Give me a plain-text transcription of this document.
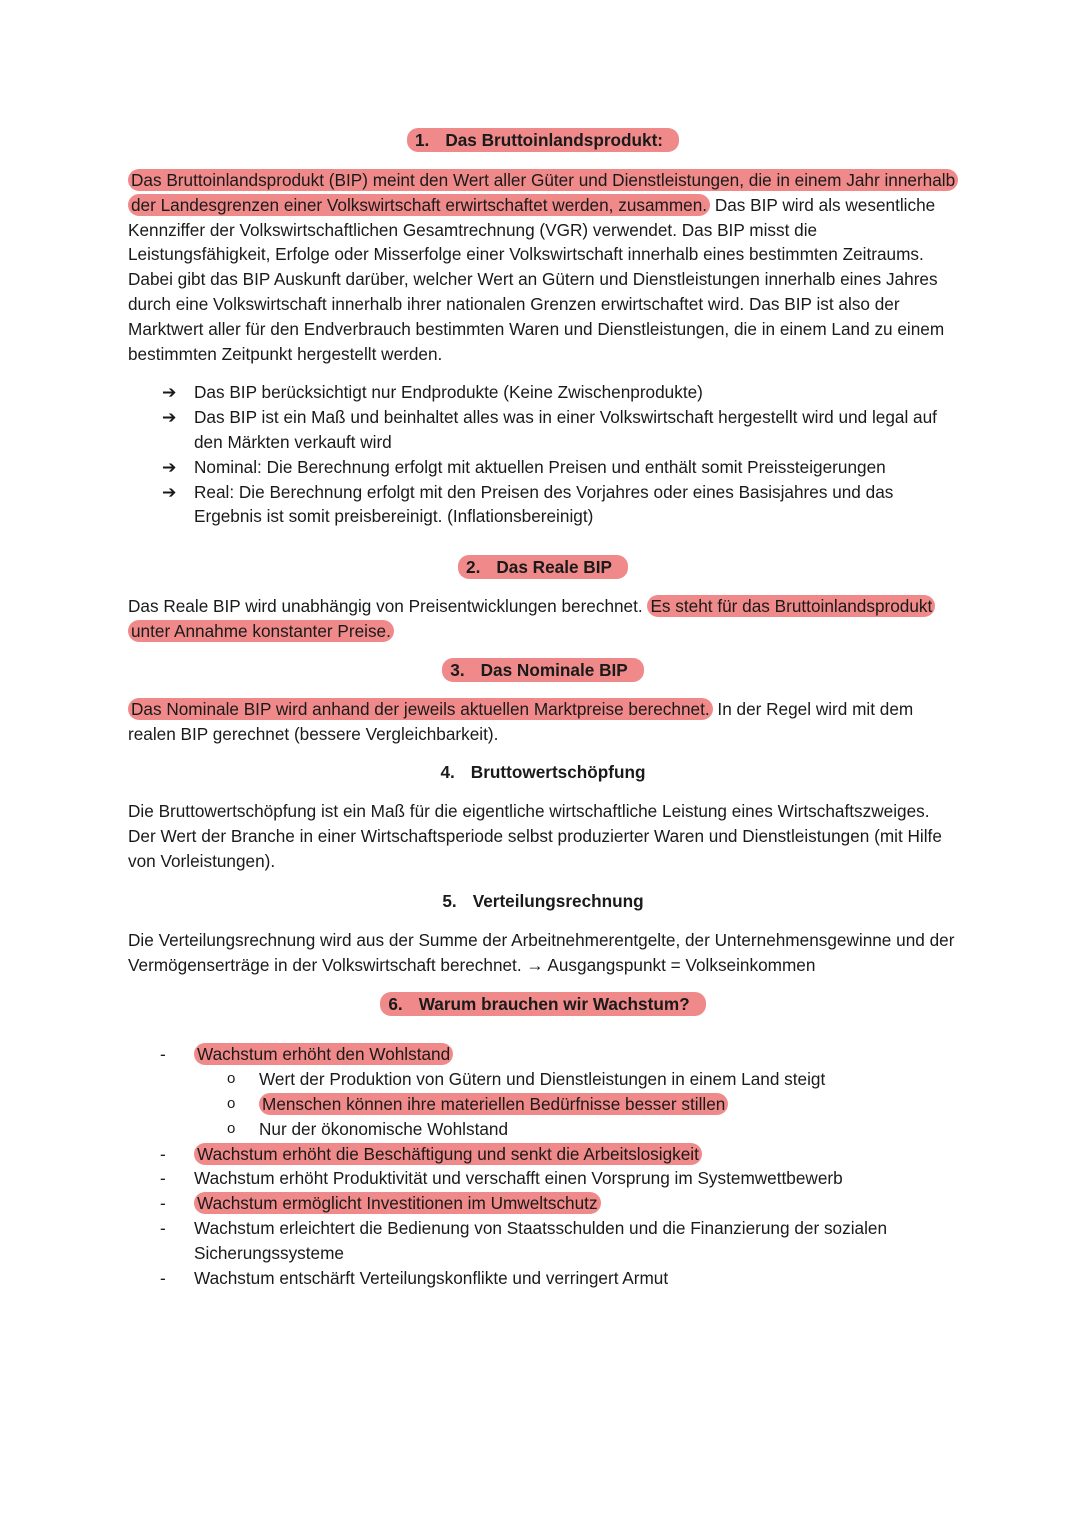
1. Das Bruttoinlandsprodukt:

Das Bruttoinlandsprodukt (BIP) meint den Wert aller Güter und Dienstleistungen, die in einem Jahr innerhalb der Landesgrenzen einer Volkswirtschaft erwirtschaftet werden, zusammen. Das BIP wird als wesentliche Kennziffer der Volkswirtschaftlichen Gesamtrechnung (VGR) verwendet. Das BIP misst die Leistungsfähigkeit, Erfolge oder Misserfolge einer Volkswirtschaft innerhalb eines bestimmten Zeitraums. Dabei gibt das BIP Auskunft darüber, welcher Wert an Gütern und Dienstleistungen innerhalb eines Jahres durch eine Volkswirtschaft innerhalb ihrer nationalen Grenzen erwirtschaftet wird. Das BIP ist also der Marktwert aller für den Endverbrauch bestimmten Waren und Dienstleistungen, die in einem Land zu einem bestimmten Zeitpunkt hergestellt werden.

➔ Das BIP berücksichtigt nur Endprodukte (Keine Zwischenprodukte)
➔ Das BIP ist ein Maß und beinhaltet alles was in einer Volkswirtschaft hergestellt wird und legal auf den Märkten verkauft wird
➔ Nominal: Die Berechnung erfolgt mit aktuellen Preisen und enthält somit Preissteigerungen
➔ Real: Die Berechnung erfolgt mit den Preisen des Vorjahres oder eines Basisjahres und das Ergebnis ist somit preisbereinigt. (Inflationsbereinigt)
2. Das Reale BIP

Das Reale BIP wird unabhängig von Preisentwicklungen berechnet. Es steht für das Bruttoinlandsprodukt unter Annahme konstanter Preise.

3. Das Nominale BIP

Das Nominale BIP wird anhand der jeweils aktuellen Marktpreise berechnet. In der Regel wird mit dem realen BIP gerechnet (bessere Vergleichbarkeit).

4. Bruttowertschöpfung

Die Bruttowertschöpfung ist ein Maß für die eigentliche wirtschaftliche Leistung eines Wirtschaftszweiges. Der Wert der Branche in einer Wirtschaftsperiode selbst produzierter Waren und Dienstleistungen (mit Hilfe von Vorleistungen).

5. Verteilungsrechnung

Die Verteilungsrechnung wird aus der Summe der Arbeitnehmerentgelte, der Unternehmensgewinne und der Vermögenserträge in der Volkswirtschaft berechnet. → Ausgangspunkt = Volkseinkommen

6. Warum brauchen wir Wachstum?
- Wachstum erhöht den Wohlstand
o Wert der Produktion von Gütern und Dienstleistungen in einem Land steigt
o Menschen können ihre materiellen Bedürfnisse besser stillen
o Nur der ökonomische Wohlstand
- Wachstum erhöht die Beschäftigung und senkt die Arbeitslosigkeit
- Wachstum erhöht Produktivität und verschafft einen Vorsprung im Systemwettbewerb
- Wachstum ermöglicht Investitionen im Umweltschutz
- Wachstum erleichtert die Bedienung von Staatsschulden und die Finanzierung der sozialen Sicherungssysteme
- Wachstum entschärft Verteilungskonflikte und verringert Armut
